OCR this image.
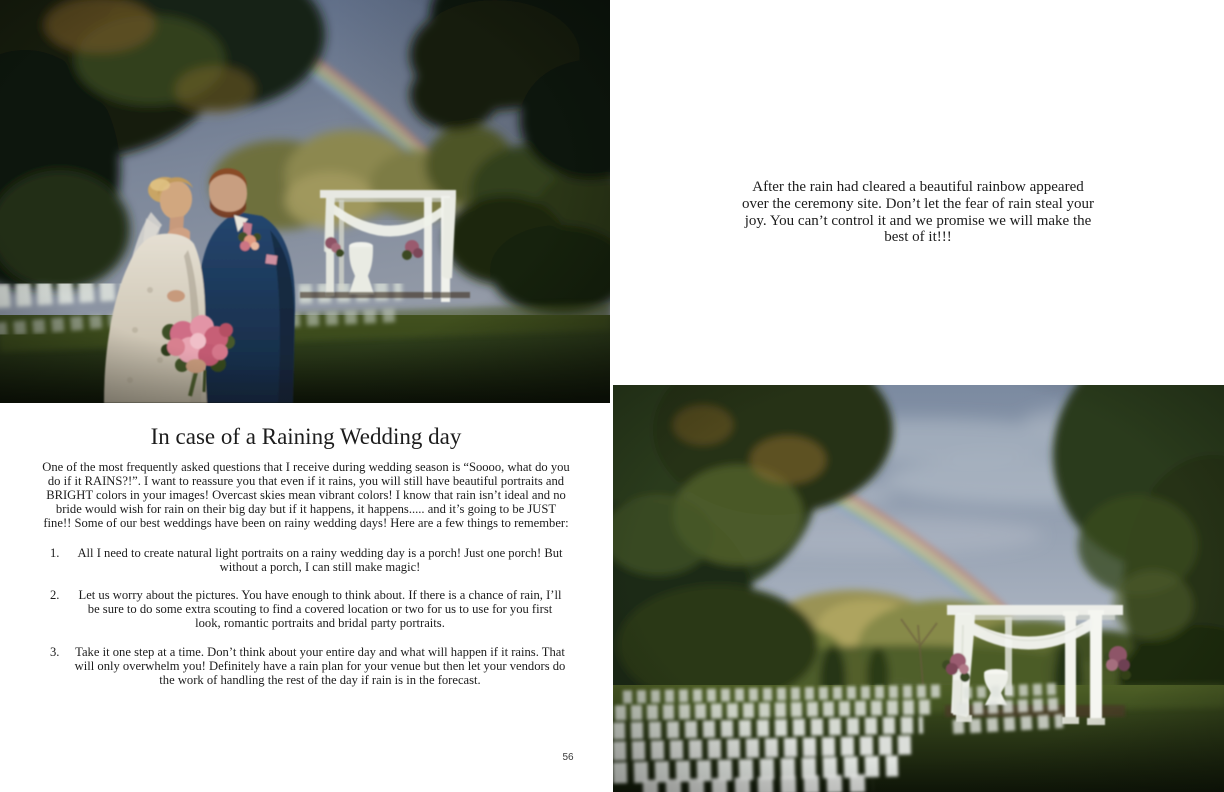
In case of a Raining Wedding day

One of the most frequently asked questions that I receive during wedding season is “Soooo, what do you do if it RAINS?!”. I want to reassure you that even if it rains, you will still have beautiful portraits and BRIGHT colors in your images! Overcast skies mean vibrant colors! I know that rain isn’t ideal and no bride would wish for rain on their big day but if it happens, it happens..... and it’s going to be JUST fine!! Some of our best weddings have been on rainy wedding days! Here are a few things to remember:

1. All I need to create natural light portraits on a rainy wedding day is a porch! Just one porch! But without a porch, I can still make magic!
2. Let us worry about the pictures. You have enough to think about. If there is a chance of rain, I’ll be sure to do some extra scouting to find a covered location or two for us to use for you first look, romantic portraits and bridal party portraits.
3. Take it one step at a time. Don’t think about your entire day and what will happen if it rains. That will only overwhelm you! Definitely have a rain plan for your venue but then let your vendors do the work of handling the rest of the day if rain is in the forecast.
56
After the rain had cleared a beautiful rainbow appeared over the ceremony site. Don’t let the fear of rain steal your joy. You can’t control it and we promise we will make the best of it!!!
